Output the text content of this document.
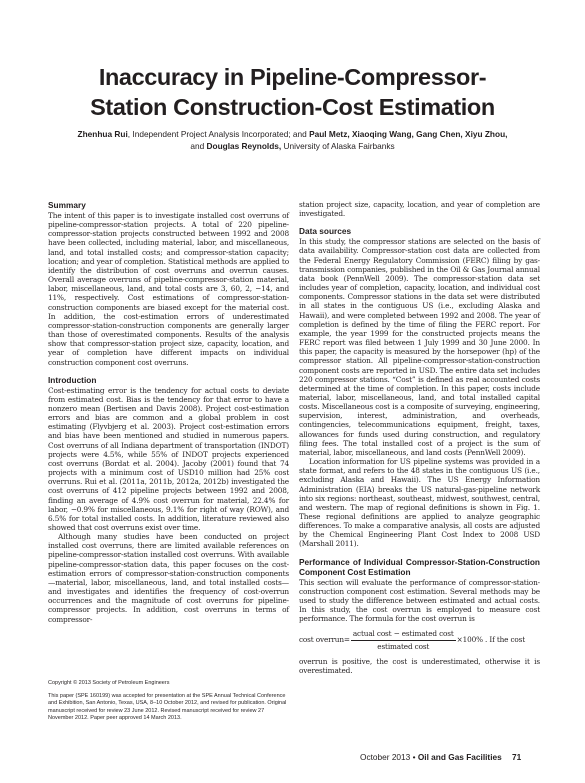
Inaccuracy in Pipeline-Compressor-
Station Construction-Cost Estimation
Zhenhua Rui, Independent Project Analysis Incorporated; and Paul Metz, Xiaoqing Wang, Gang Chen, Xiyu Zhou,
and Douglas Reynolds, University of Alaska Fairbanks
Summary

The intent of this paper is to investigate installed cost overruns of pipeline-compressor-station projects. A total of 220 pipeline-compressor-station projects constructed between 1992 and 2008 have been collected, including material, labor, and miscellaneous, land, and total installed costs; and compressor-station capacity; location; and year of completion. Statistical methods are applied to identify the distribution of cost overruns and overrun causes. Overall average overruns of pipeline-compressor-station material, labor, miscellaneous, land, and total costs are 3, 60, 2, −14, and 11%, respectively. Cost estimations of compressor-station-construction components are biased except for the material cost. In addition, the cost-estimation errors of underestimated compressor-station-construction components are generally larger than those of overestimated components. Results of the analysis show that compressor-station project size, capacity, location, and year of completion have different impacts on individual construction component cost overruns.

Introduction

Cost-estimating error is the tendency for actual costs to deviate from estimated cost. Bias is the tendency for that error to have a nonzero mean (Bertisen and Davis 2008). Project cost-estimation errors and bias are common and a global problem in cost estimating (Flyvbjerg et al. 2003). Project cost-estimation errors and bias have been mentioned and studied in numerous papers. Cost overruns of all Indiana department of transportation (INDOT) projects were 4.5%, while 55% of INDOT projects experienced cost overruns (Bordat et al. 2004). Jacoby (2001) found that 74 projects with a minimum cost of USD10 million had 25% cost overruns. Rui et al. (2011a, 2011b, 2012a, 2012b) investigated the cost overruns of 412 pipeline projects between 1992 and 2008, finding an average of 4.9% cost overrun for material, 22.4% for labor, −0.9% for miscellaneous, 9.1% for right of way (ROW), and 6.5% for total installed costs. In addition, literature reviewed also showed that cost overruns exist over time.

Although many studies have been conducted on project installed cost overruns, there are limited available references on pipeline-compressor-station installed cost overruns. With available pipeline-compressor-station data, this paper focuses on the cost-estimation errors of compressor-station-construction components—material, labor, miscellaneous, land, and total installed costs—and investigates and identifies the frequency of cost-overrun occurrences and the magnitude of cost overruns for pipeline-compressor projects. In addition, cost overruns in terms of compressor-

Copyright © 2013 Society of Petroleum Engineers

This paper (SPE 160199) was accepted for presentation at the SPE Annual Technical Conference and Exhibition, San Antonio, Texas, USA, 8–10 October 2012, and revised for publication. Original manuscript received for review 23 June 2012. Revised manuscript received for review 27 November 2012. Paper peer approved 14 March 2013.

station project size, capacity, location, and year of completion are investigated.

Data sources

In this study, the compressor stations are selected on the basis of data availability. Compressor-station cost data are collected from the Federal Energy Regulatory Commission (FERC) filing by gas-transmission companies, published in the Oil & Gas Journal annual data book (PennWell 2009). The compressor-station data set includes year of completion, capacity, location, and individual cost components. Compressor stations in the data set were distributed in all states in the contiguous US (i.e., excluding Alaska and Hawaii), and were completed between 1992 and 2008. The year of completion is defined by the time of filing the FERC report. For example, the year 1999 for the constructed projects means the FERC report was filed between 1 July 1999 and 30 June 2000. In this paper, the capacity is measured by the horsepower (hp) of the compressor station. All pipeline-compressor-station-construction component costs are reported in USD. The entire data set includes 220 compressor stations. “Cost” is defined as real accounted costs determined at the time of completion. In this paper, costs include material, labor, miscellaneous, land, and total installed capital costs. Miscellaneous cost is a composite of surveying, engineering, supervision, interest, administration, and overheads, contingencies, telecommunications equipment, freight, taxes, allowances for funds used during construction, and regulatory filing fees. The total installed cost of a project is the sum of material, labor, miscellaneous, and land costs (PennWell 2009).

Location information for US pipeline systems was provided in a state format, and refers to the 48 states in the contiguous US (i.e., excluding Alaska and Hawaii). The US Energy Information Administration (EIA) breaks the US natural-gas-pipeline network into six regions: northeast, southeast, midwest, southwest, central, and western. The map of regional definitions is shown in Fig. 1. These regional definitions are applied to analyze geographic differences. To make a comparative analysis, all costs are adjusted by the Chemical Engineering Plant Cost Index to 2008 USD (Marshall 2011).

Performance of Individual Compressor-Station-Construction Component Cost Estimation

This section will evaluate the performance of compressor-station-construction component cost estimation. Several methods may be used to study the difference between estimated and actual costs. In this study, the cost overrun is employed to measure cost performance. The formula for the cost overrun is

cost overrun= $\frac{\text{actual cost − estimated cost}}{\text{estimated cost}} \times 100\%$ . If the cost

overrun is positive, the cost is underestimated, otherwise it is overestimated.

October 2013 • Oil and Gas Facilities 71
